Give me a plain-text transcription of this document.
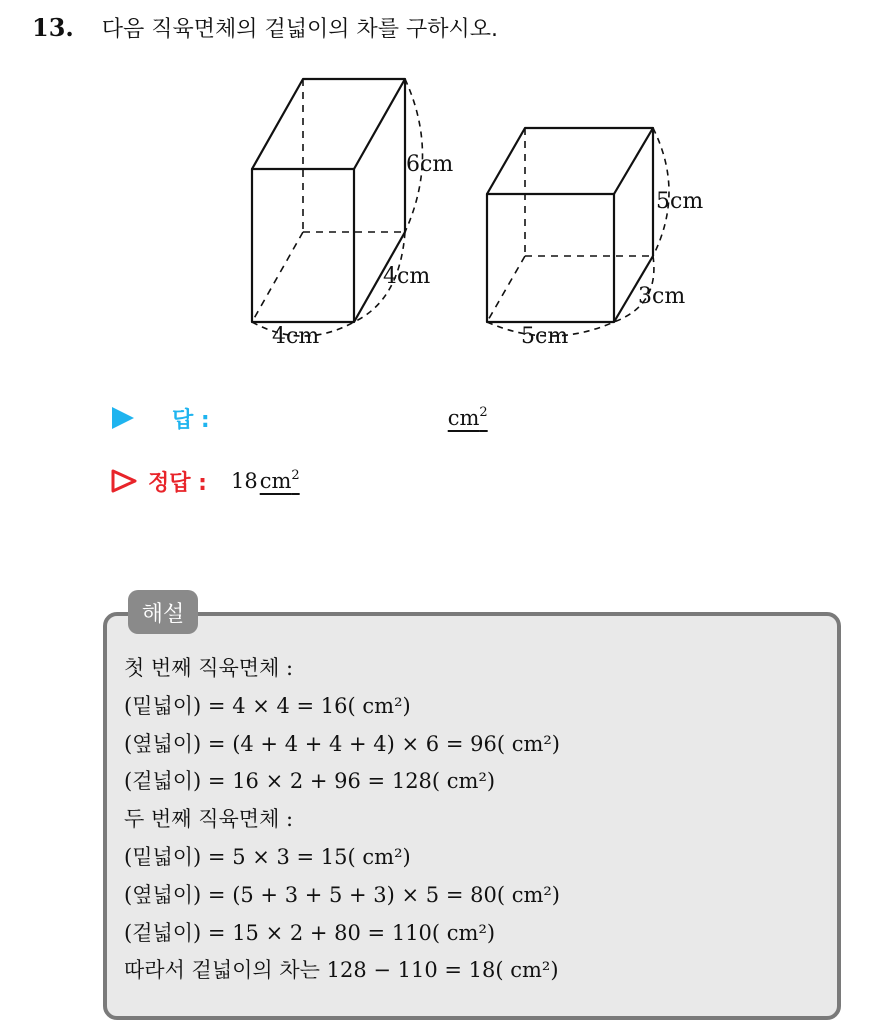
13. 다음 직육면체의 겉넓이의 차를 구하시오.
6cm
4cm
4cm
5cm
3cm
5cm
답 :	$cm^2$
정답 : 18 $cm^2$
해설
첫 번째 직육면체 :
(밑넓이) = 4 × 4 = 16( cm²)
(옆넓이) = (4 + 4 + 4 + 4) × 6 = 96( cm²)
(겉넓이) = 16 × 2 + 96 = 128( cm²)
두 번째 직육면체 :
(밑넓이) = 5 × 3 = 15( cm²)
(옆넓이) = (5 + 3 + 5 + 3) × 5 = 80( cm²)
(겉넓이) = 15 × 2 + 80 = 110( cm²)
따라서 겉넓이의 차는 128 − 110 = 18( cm²)
